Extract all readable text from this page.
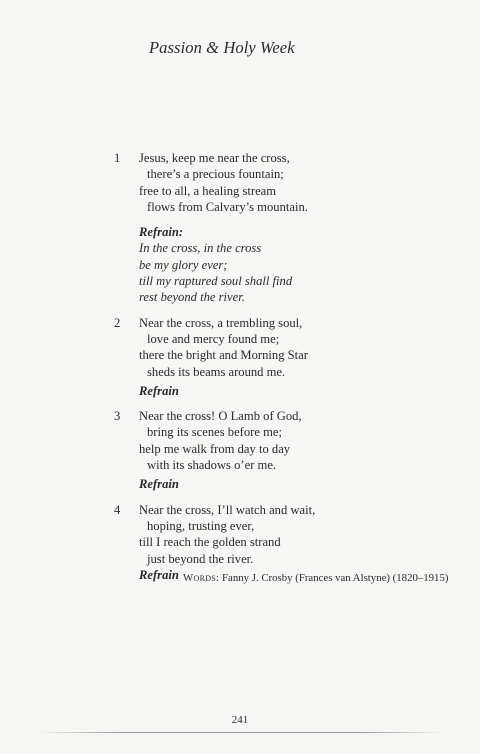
Passion & Holy Week
1 Jesus, keep me near the cross,
there’s a precious fountain;
free to all, a healing stream
flows from Calvary’s mountain.
Refrain:
In the cross, in the cross
be my glory ever;
till my raptured soul shall find
rest beyond the river.
2 Near the cross, a trembling soul,
love and mercy found me;
there the bright and Morning Star
sheds its beams around me.
Refrain
3 Near the cross! O Lamb of God,
bring its scenes before me;
help me walk from day to day
with its shadows o’er me.
Refrain
4 Near the cross, I’ll watch and wait,
hoping, trusting ever,
till I reach the golden strand
just beyond the river.
Refrain Words: Fanny J. Crosby (Frances van Alstyne) (1820–1915)
241
